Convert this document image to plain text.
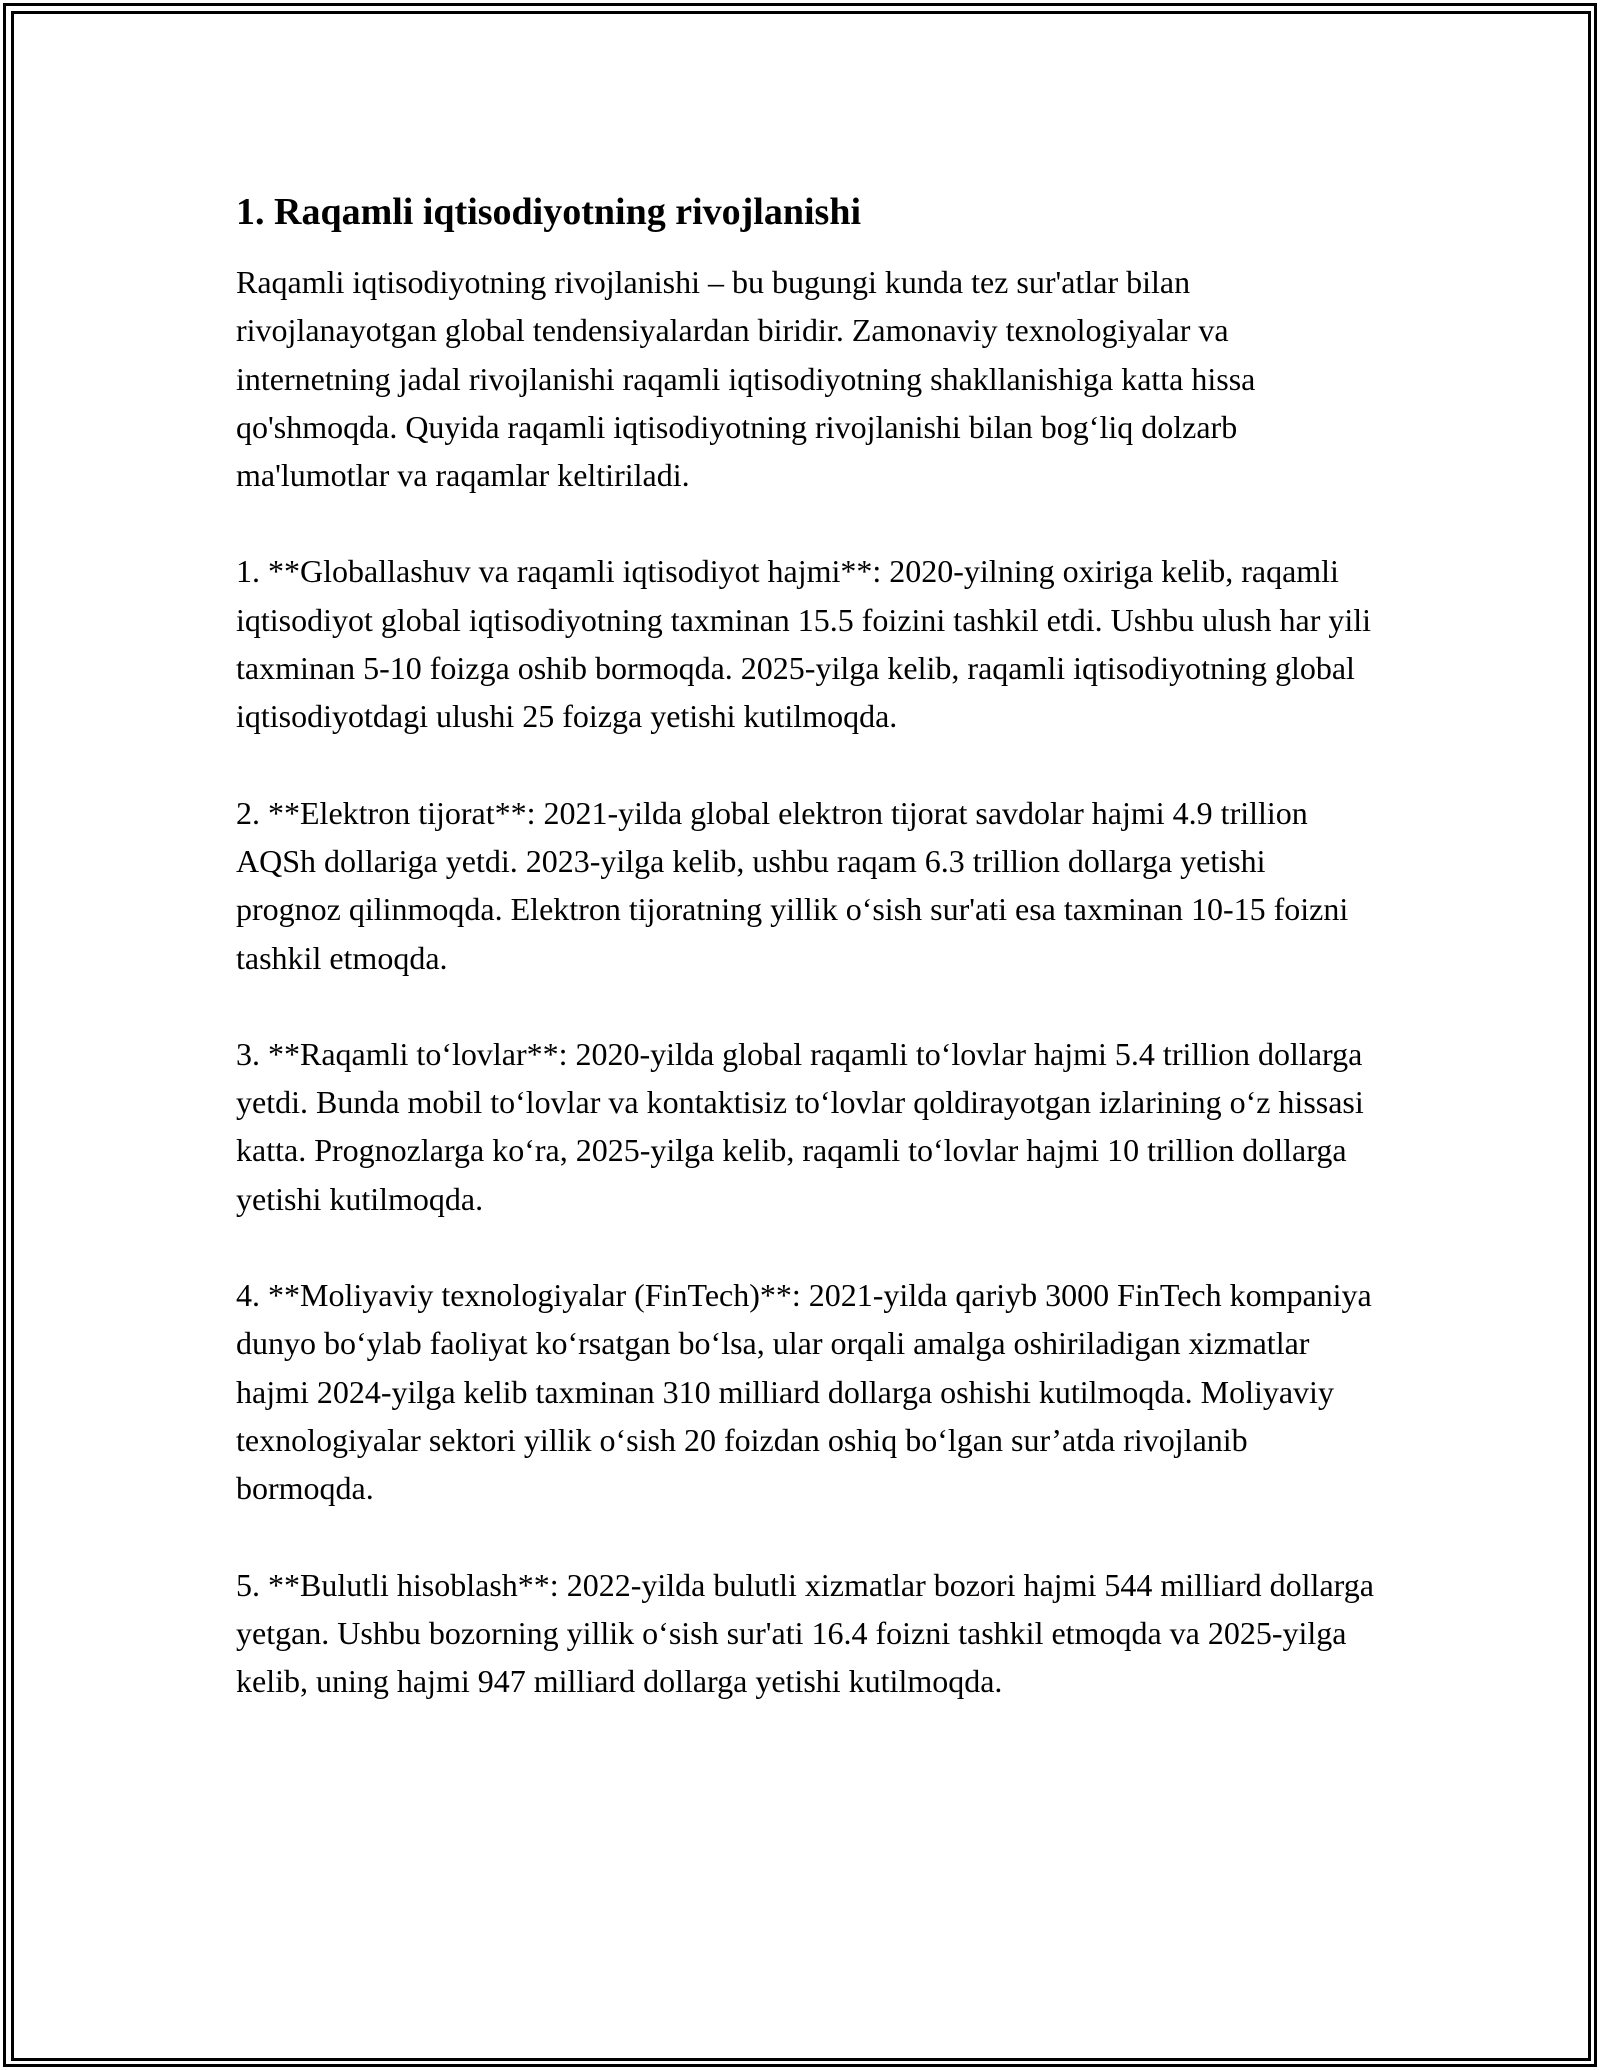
1. Raqamli iqtisodiyotning rivojlanishi

Raqamli iqtisodiyotning rivojlanishi – bu bugungi kunda tez sur'atlar bilan rivojlanayotgan global tendensiyalardan biridir. Zamonaviy texnologiyalar va internetning jadal rivojlanishi raqamli iqtisodiyotning shakllanishiga katta hissa qo'shmoqda. Quyida raqamli iqtisodiyotning rivojlanishi bilan bog‘liq dolzarb ma'lumotlar va raqamlar keltiriladi.

1. **Globallashuv va raqamli iqtisodiyot hajmi**: 2020-yilning oxiriga kelib, raqamli iqtisodiyot global iqtisodiyotning taxminan 15.5 foizini tashkil etdi. Ushbu ulush har yili taxminan 5-10 foizga oshib bormoqda. 2025-yilga kelib, raqamli iqtisodiyotning global iqtisodiyotdagi ulushi 25 foizga yetishi kutilmoqda.

2. **Elektron tijorat**: 2021-yilda global elektron tijorat savdolar hajmi 4.9 trillion AQSh dollariga yetdi. 2023-yilga kelib, ushbu raqam 6.3 trillion dollarga yetishi prognoz qilinmoqda. Elektron tijoratning yillik o‘sish sur'ati esa taxminan 10-15 foizni tashkil etmoqda.

3. **Raqamli to‘lovlar**: 2020-yilda global raqamli to‘lovlar hajmi 5.4 trillion dollarga yetdi. Bunda mobil to‘lovlar va kontaktisiz to‘lovlar qoldirayotgan izlarining o‘z hissasi katta. Prognozlarga ko‘ra, 2025-yilga kelib, raqamli to‘lovlar hajmi 10 trillion dollarga yetishi kutilmoqda.

4. **Moliyaviy texnologiyalar (FinTech)**: 2021-yilda qariyb 3000 FinTech kompaniya dunyo bo‘ylab faoliyat ko‘rsatgan bo‘lsa, ular orqali amalga oshiriladigan xizmatlar hajmi 2024-yilga kelib taxminan 310 milliard dollarga oshishi kutilmoqda. Moliyaviy texnologiyalar sektori yillik o‘sish 20 foizdan oshiq bo‘lgan sur’atda rivojlanib bormoqda.

5. **Bulutli hisoblash**: 2022-yilda bulutli xizmatlar bozori hajmi 544 milliard dollarga yetgan. Ushbu bozorning yillik o‘sish sur'ati 16.4 foizni tashkil etmoqda va 2025-yilga kelib, uning hajmi 947 milliard dollarga yetishi kutilmoqda.
